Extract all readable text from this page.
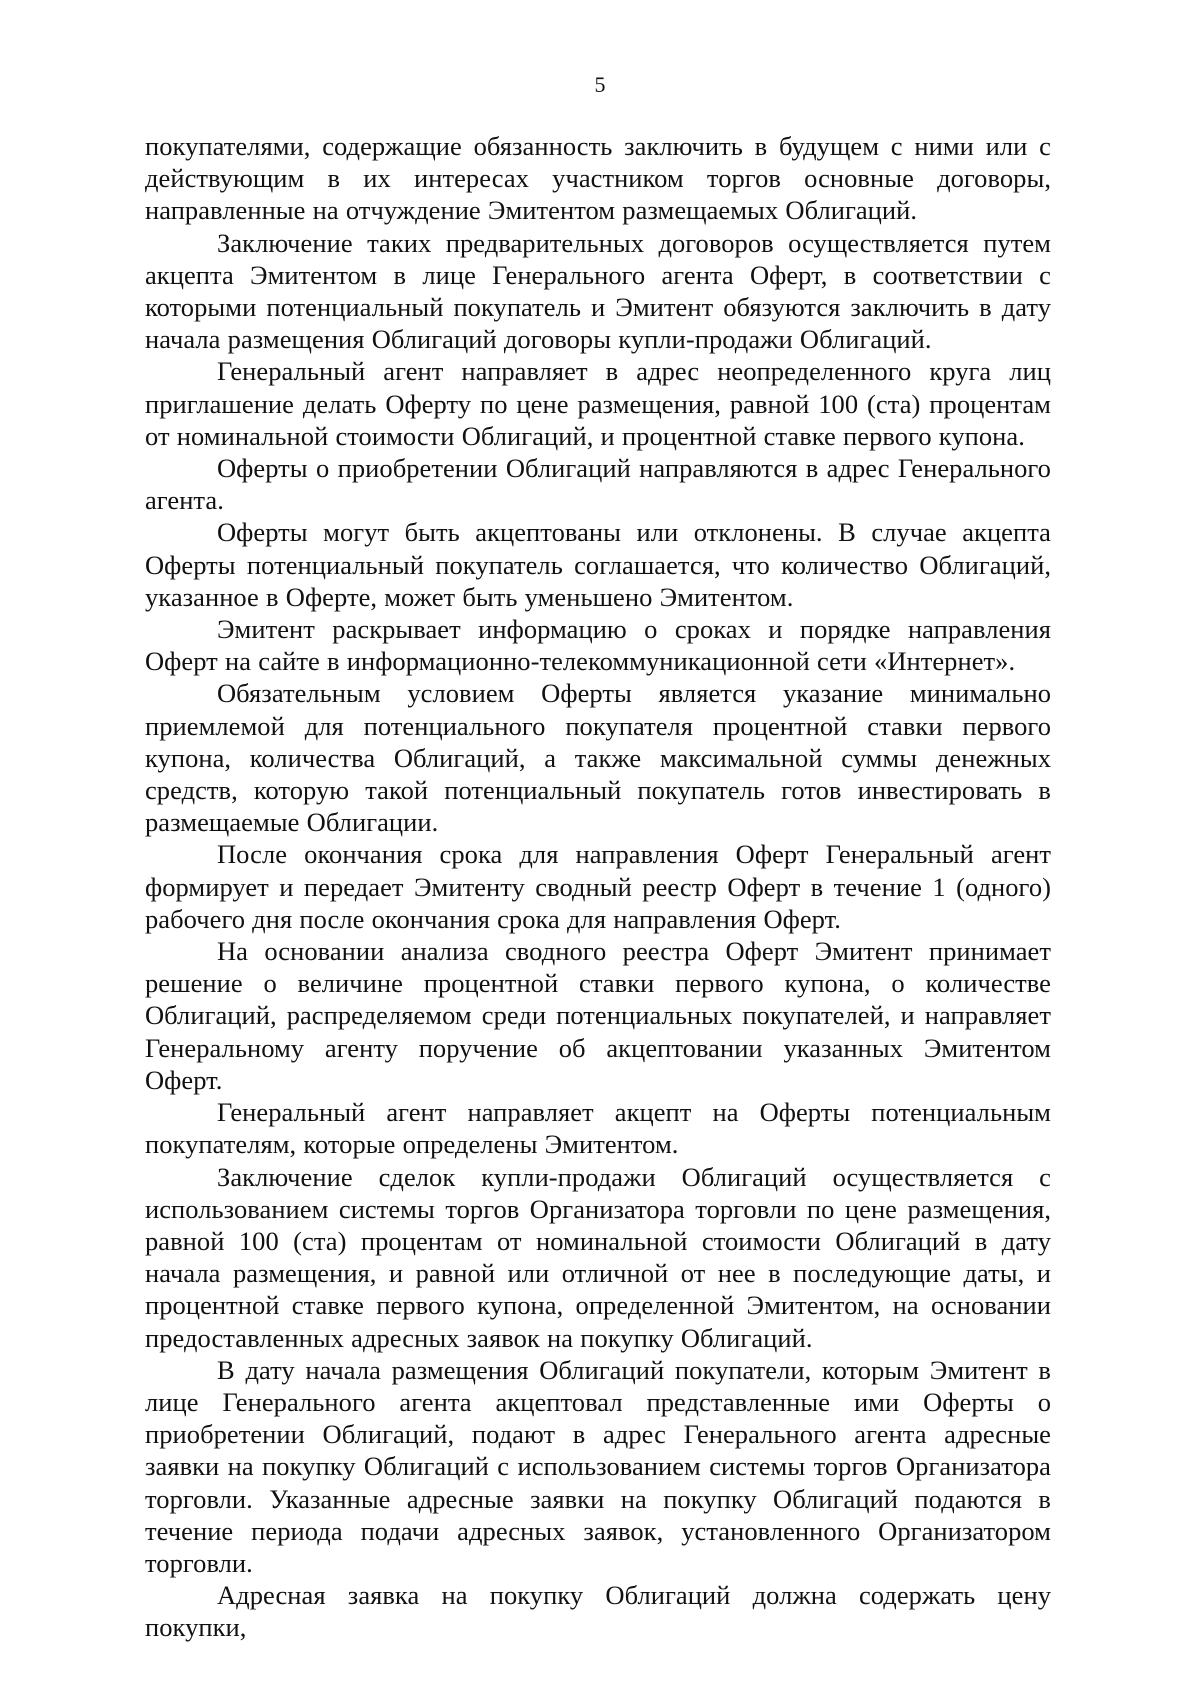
5

покупателями, содержащие обязанность заключить в будущем с ними или с действующим в их интересах участником торгов основные договоры, направленные на отчуждение Эмитентом размещаемых Облигаций.

Заключение таких предварительных договоров осуществляется путем акцепта Эмитентом в лице Генерального агента Оферт, в соответствии с которыми потенциальный покупатель и Эмитент обязуются заключить в дату начала размещения Облигаций договоры купли-продажи Облигаций.

Генеральный агент направляет в адрес неопределенного круга лиц приглашение делать Оферту по цене размещения, равной 100 (ста) процентам от номинальной стоимости Облигаций, и процентной ставке первого купона.

Оферты о приобретении Облигаций направляются в адрес Генерального агента.

Оферты могут быть акцептованы или отклонены. В случае акцепта Оферты потенциальный покупатель соглашается, что количество Облигаций, указанное в Оферте, может быть уменьшено Эмитентом.

Эмитент раскрывает информацию о сроках и порядке направления Оферт на сайте в информационно-телекоммуникационной сети «Интернет».

Обязательным условием Оферты является указание минимально приемлемой для потенциального покупателя процентной ставки первого купона, количества Облигаций, а также максимальной суммы денежных средств, которую такой потенциальный покупатель готов инвестировать в размещаемые Облигации.

После окончания срока для направления Оферт Генеральный агент формирует и передает Эмитенту сводный реестр Оферт в течение 1 (одного) рабочего дня после окончания срока для направления Оферт.

На основании анализа сводного реестра Оферт Эмитент принимает решение о величине процентной ставки первого купона, о количестве Облигаций, распределяемом среди потенциальных покупателей, и направляет Генеральному агенту поручение об акцептовании указанных Эмитентом Оферт.

Генеральный агент направляет акцепт на Оферты потенциальным покупателям, которые определены Эмитентом.

Заключение сделок купли-продажи Облигаций осуществляется с использованием системы торгов Организатора торговли по цене размещения, равной 100 (ста) процентам от номинальной стоимости Облигаций в дату начала размещения, и равной или отличной от нее в последующие даты, и процентной ставке первого купона, определенной Эмитентом, на основании предоставленных адресных заявок на покупку Облигаций.

В дату начала размещения Облигаций покупатели, которым Эмитент в лице Генерального агента акцептовал представленные ими Оферты о приобретении Облигаций, подают в адрес Генерального агента адресные заявки на покупку Облигаций с использованием системы торгов Организатора торговли. Указанные адресные заявки на покупку Облигаций подаются в течение периода подачи адресных заявок, установленного Организатором торговли.

Адресная заявка на покупку Облигаций должна содержать цену покупки,
